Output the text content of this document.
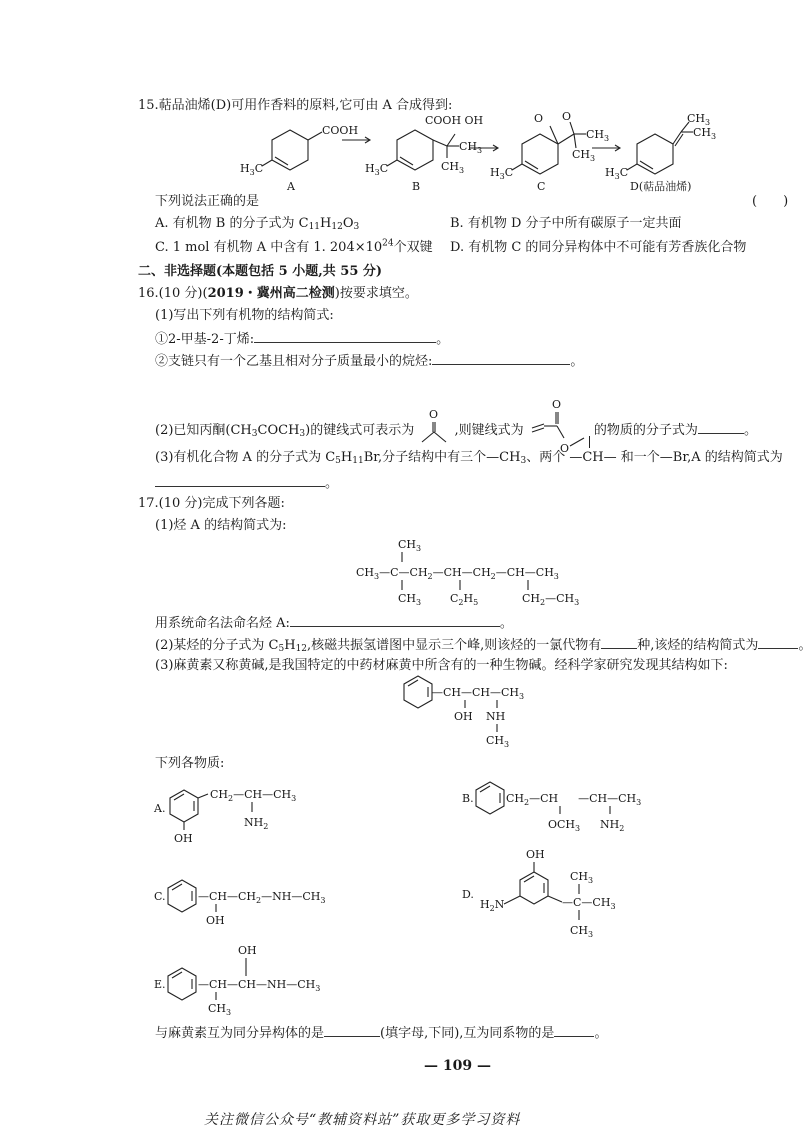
15.萜品油烯(D)可用作香料的原料,它可由 A 合成得到:
COOH
$H_3C$
A
COOH OH
$CH_3$
$CH_3$
$H_3C$
B
O O
$CH_3$
$CH_3$
$H_3C$
C
$CH_3$
$CH_3$
$H_3C$
D(萜品油烯)
下列说法正确的是	(　　)
A. 有机物 B 的分子式为 $C_{11}H_{12}O_3$	B. 有机物 D 分子中所有碳原子一定共面
C. 1 mol 有机物 A 中含有 1. $204\times 10^{24}$个双键 D. 有机物 C 的同分异构体中不可能有芳香族化合物
二、非选择题(本题包括 5 小题,共 55 分)
16.(10 分)(2019・冀州高二检测)按要求填空。
(1)写出下列有机物的结构简式:
①2-甲基-2-丁烯:	。
②支链只有一个乙基且相对分子质量最小的烷烃:	。
(2)已知丙酮$(CH_3COCH_3)$的键线式可表示为
O
,则键线式为
O
O
的物质的分子式为	。
(3)有机化合物 A 的分子式为 $C_5H_{11}Br$,分子结构中有三个$—CH_3$、两个 —CH— 和一个—Br,A 的结构简式为
。
17.(10 分)完成下列各题:
(1)烃 A 的结构简式为:
$CH_3$
$CH_3—C—CH_2—CH—CH_2—CH—CH_3$
$CH_3$	$C_2H_5$	$CH_2—CH_3$
用系统命名法命名烃 A:	。
(2)某烃的分子式为 $C_5H_{12}$,核磁共振氢谱图中显示三个峰,则该烃的一氯代物有	种,该烃的结构简式为	。
(3)麻黄素又称黄碱,是我国特定的中药材麻黄中所含有的一种生物碱。经科学家研究发现其结构如下:
$—CH—CH—CH_3$
OH NH
$CH_3$
下列各物质:
A.
OH
$CH_2—CH—CH_3$
$NH_2$
B.	$CH_2—CH$ $—CH—CH_3$
$OCH_3$ $NH_2$
C.	$—CH—CH_2—NH—CH_3$
OH
D.
OH
$H_2N$	$—C—CH_3$
$CH_3$
$CH_3$
E.	$—CH—CH—NH—CH_3$
OH
$CH_3$
与麻黄素互为同分异构体的是	(填字母,下同),互为同系物的是	。
— 109 —
关注微信公众号“教辅资料站”获取更多学习资料
